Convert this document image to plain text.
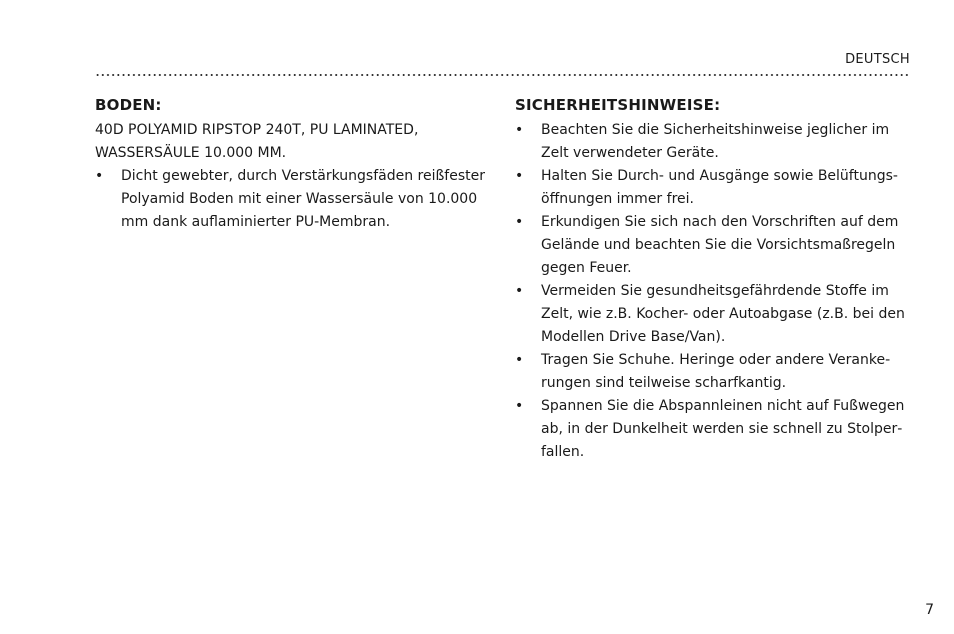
DEUTSCH
BODEN:

40D POLYAMID RIPSTOP 240T, PU LAMINATED,

WASSERSÄULE 10.000 MM.

• Dicht gewebter, durch Verstärkungsfäden reißfester Polyamid Boden mit einer Wassersäule von 10.000 mm dank auflaminierter PU-Membran.
SICHERHEITSHINWEISE:
• Beachten Sie die Sicherheitshinweise jeglicher im Zelt verwendeter Geräte.
• Halten Sie Durch- und Ausgänge sowie Belüftungsöffnungen immer frei.
• Erkundigen Sie sich nach den Vorschriften auf dem Gelände und beachten Sie die Vorsichtsmaßregeln gegen Feuer.
• Vermeiden Sie gesundheitsgefährdende Stoffe im Zelt, wie z.B. Kocher- oder Autoabgase (z.B. bei den Modellen Drive Base/Van).
• Tragen Sie Schuhe. Heringe oder andere Verankerungen sind teilweise scharfkantig.
• Spannen Sie die Abspannleinen nicht auf Fußwegen ab, in der Dunkelheit werden sie schnell zu Stolperfallen.
7
